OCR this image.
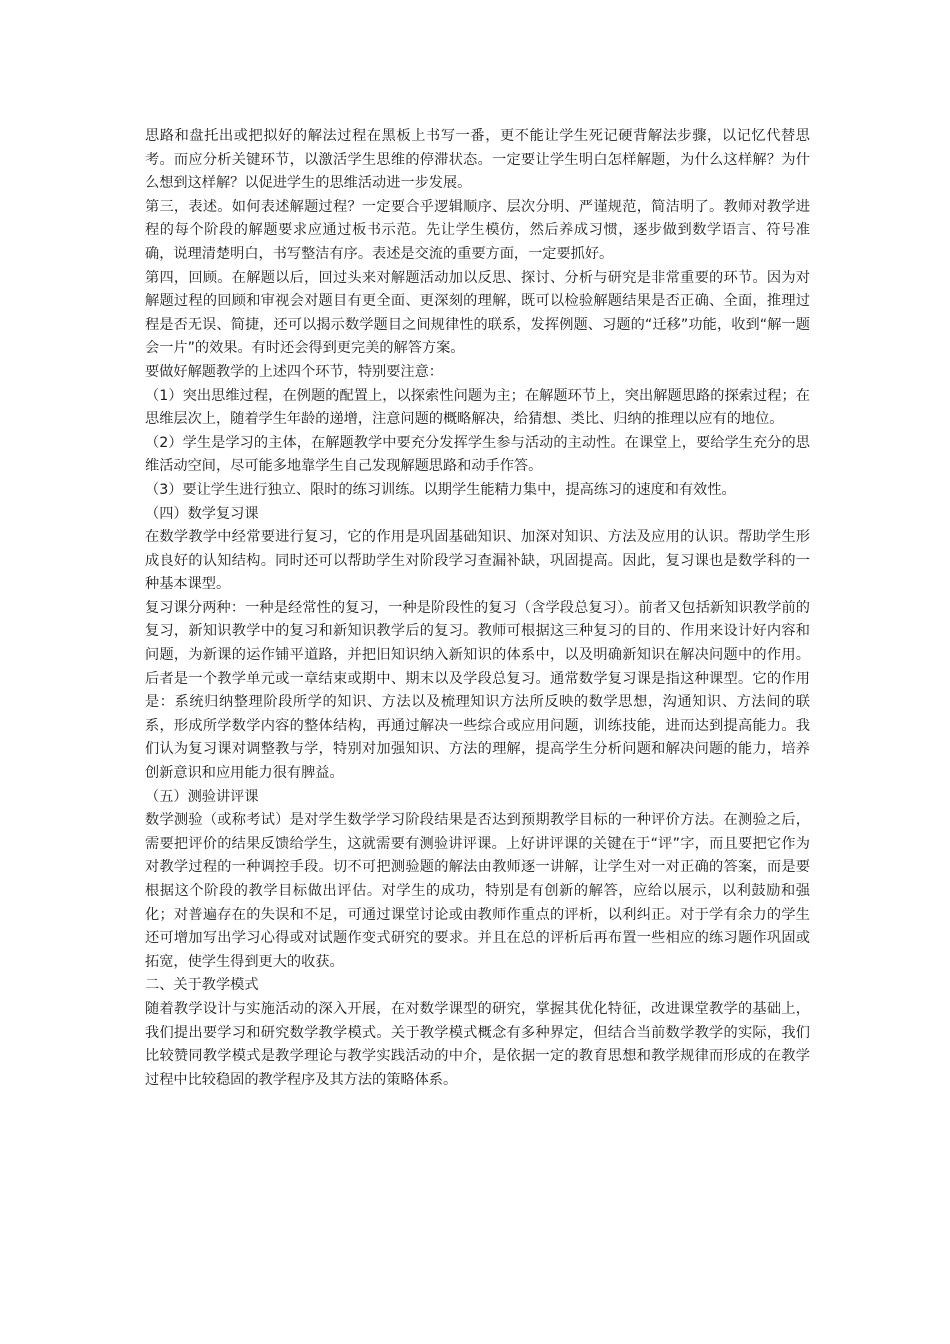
思路和盘托出或把拟好的解法过程在黑板上书写一番，更不能让学生死记硬背解法步骤，以记忆代替思考。而应分析关键环节，以激活学生思维的停滞状态。一定要让学生明白怎样解题，为什么这样解？为什么想到这样解？以促进学生的思维活动进一步发展。

第三，表述。如何表述解题过程？一定要合乎逻辑顺序、层次分明、严谨规范，简洁明了。教师对教学进程的每个阶段的解题要求应通过板书示范。先让学生模仿，然后养成习惯，逐步做到数学语言、符号准确，说理清楚明白，书写整洁有序。表述是交流的重要方面，一定要抓好。

第四，回顾。在解题以后，回过头来对解题活动加以反思、探讨、分析与研究是非常重要的环节。因为对解题过程的回顾和审视会对题目有更全面、更深刻的理解，既可以检验解题结果是否正确、全面，推理过程是否无误、简捷，还可以揭示数学题目之间规律性的联系，发挥例题、习题的“迁移”功能，收到“解一题会一片”的效果。有时还会得到更完美的解答方案。

要做好解题教学的上述四个环节，特别要注意：

（1）突出思维过程，在例题的配置上，以探索性问题为主；在解题环节上，突出解题思路的探索过程；在思维层次上，随着学生年龄的递增，注意问题的概略解决，给猜想、类比、归纳的推理以应有的地位。

（2）学生是学习的主体，在解题教学中要充分发挥学生参与活动的主动性。在课堂上，要给学生充分的思维活动空间，尽可能多地靠学生自己发现解题思路和动手作答。

（3）要让学生进行独立、限时的练习训练。以期学生能精力集中，提高练习的速度和有效性。

（四）数学复习课

在数学教学中经常要进行复习，它的作用是巩固基础知识、加深对知识、方法及应用的认识。帮助学生形成良好的认知结构。同时还可以帮助学生对阶段学习查漏补缺，巩固提高。因此，复习课也是数学科的一种基本课型。

复习课分两种：一种是经常性的复习，一种是阶段性的复习（含学段总复习）。前者又包括新知识教学前的复习，新知识教学中的复习和新知识教学后的复习。教师可根据这三种复习的目的、作用来设计好内容和问题，为新课的运作铺平道路，并把旧知识纳入新知识的体系中，以及明确新知识在解决问题中的作用。后者是一个教学单元或一章结束或期中、期末以及学段总复习。通常数学复习课是指这种课型。它的作用是：系统归纳整理阶段所学的知识、方法以及梳理知识方法所反映的数学思想，沟通知识、方法间的联系，形成所学数学内容的整体结构，再通过解决一些综合或应用问题，训练技能，进而达到提高能力。我们认为复习课对调整教与学，特别对加强知识、方法的理解，提高学生分析问题和解决问题的能力，培养创新意识和应用能力很有脾益。

（五）测验讲评课

数学测验（或称考试）是对学生数学学习阶段结果是否达到预期教学目标的一种评价方法。在测验之后，需要把评价的结果反馈给学生，这就需要有测验讲评课。上好讲评课的关键在于“评”字，而且要把它作为对教学过程的一种调控手段。切不可把测验题的解法由教师逐一讲解，让学生对一对正确的答案，而是要根据这个阶段的教学目标做出评估。对学生的成功，特别是有创新的解答，应给以展示，以利鼓励和强化；对普遍存在的失误和不足，可通过课堂讨论或由教师作重点的评析，以利纠正。对于学有余力的学生还可增加写出学习心得或对试题作变式研究的要求。并且在总的评析后再布置一些相应的练习题作巩固或拓宽，使学生得到更大的收获。

二、关于教学模式

随着教学设计与实施活动的深入开展，在对数学课型的研究，掌握其优化特征，改进课堂教学的基础上，我们提出要学习和研究数学教学模式。关于教学模式概念有多种界定，但结合当前数学教学的实际，我们比较赞同教学模式是教学理论与教学实践活动的中介，是依据一定的教育思想和教学规律而形成的在教学过程中比较稳固的教学程序及其方法的策略体系。
